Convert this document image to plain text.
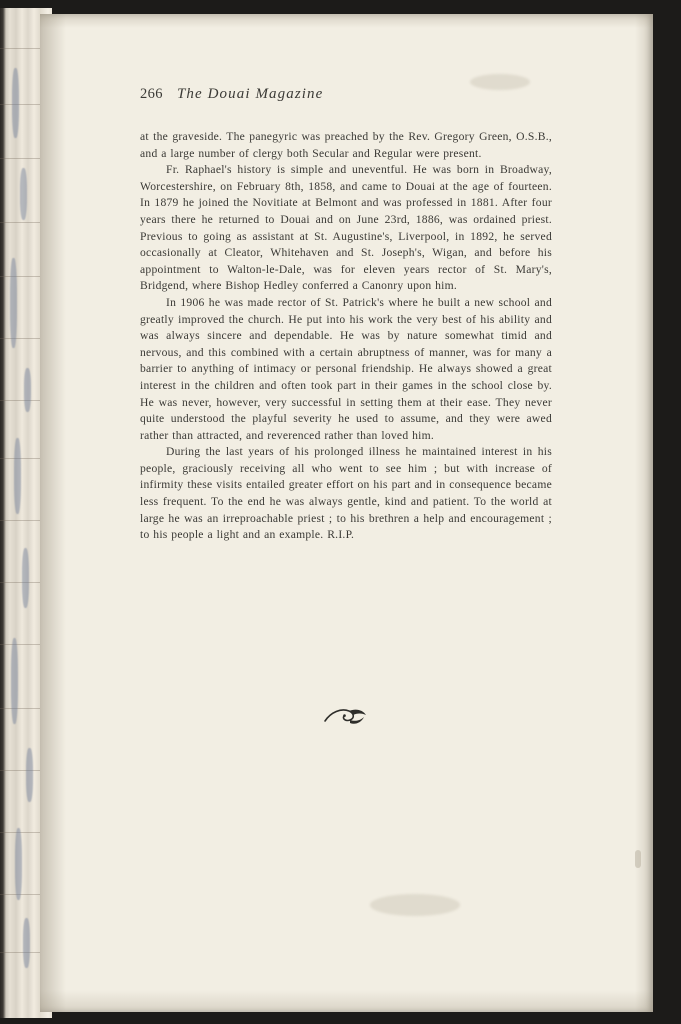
266 The Douai Magazine

at the graveside. The panegyric was preached by the Rev. Gregory Green, O.S.B., and a large number of clergy both Secular and Regular were present.

Fr. Raphael's history is simple and uneventful. He was born in Broadway, Worcestershire, on February 8th, 1858, and came to Douai at the age of fourteen. In 1879 he joined the Novitiate at Belmont and was professed in 1881. After four years there he returned to Douai and on June 23rd, 1886, was ordained priest. Previous to going as assistant at St. Augustine's, Liverpool, in 1892, he served occasionally at Cleator, Whitehaven and St. Joseph's, Wigan, and before his appointment to Walton-le-Dale, was for eleven years rector of St. Mary's, Bridgend, where Bishop Hedley conferred a Canonry upon him.

In 1906 he was made rector of St. Patrick's where he built a new school and greatly improved the church. He put into his work the very best of his ability and was always sincere and dependable. He was by nature somewhat timid and nervous, and this combined with a certain abruptness of manner, was for many a barrier to anything of intimacy or personal friendship. He always showed a great interest in the children and often took part in their games in the school close by. He was never, however, very successful in setting them at their ease. They never quite understood the playful severity he used to assume, and they were awed rather than attracted, and reverenced rather than loved him.

During the last years of his prolonged illness he maintained interest in his people, graciously receiving all who went to see him ; but with increase of infirmity these visits entailed greater effort on his part and in consequence became less frequent. To the end he was always gentle, kind and patient. To the world at large he was an irreproachable priest ; to his brethren a help and encouragement ; to his people a light and an example. R.I.P.
